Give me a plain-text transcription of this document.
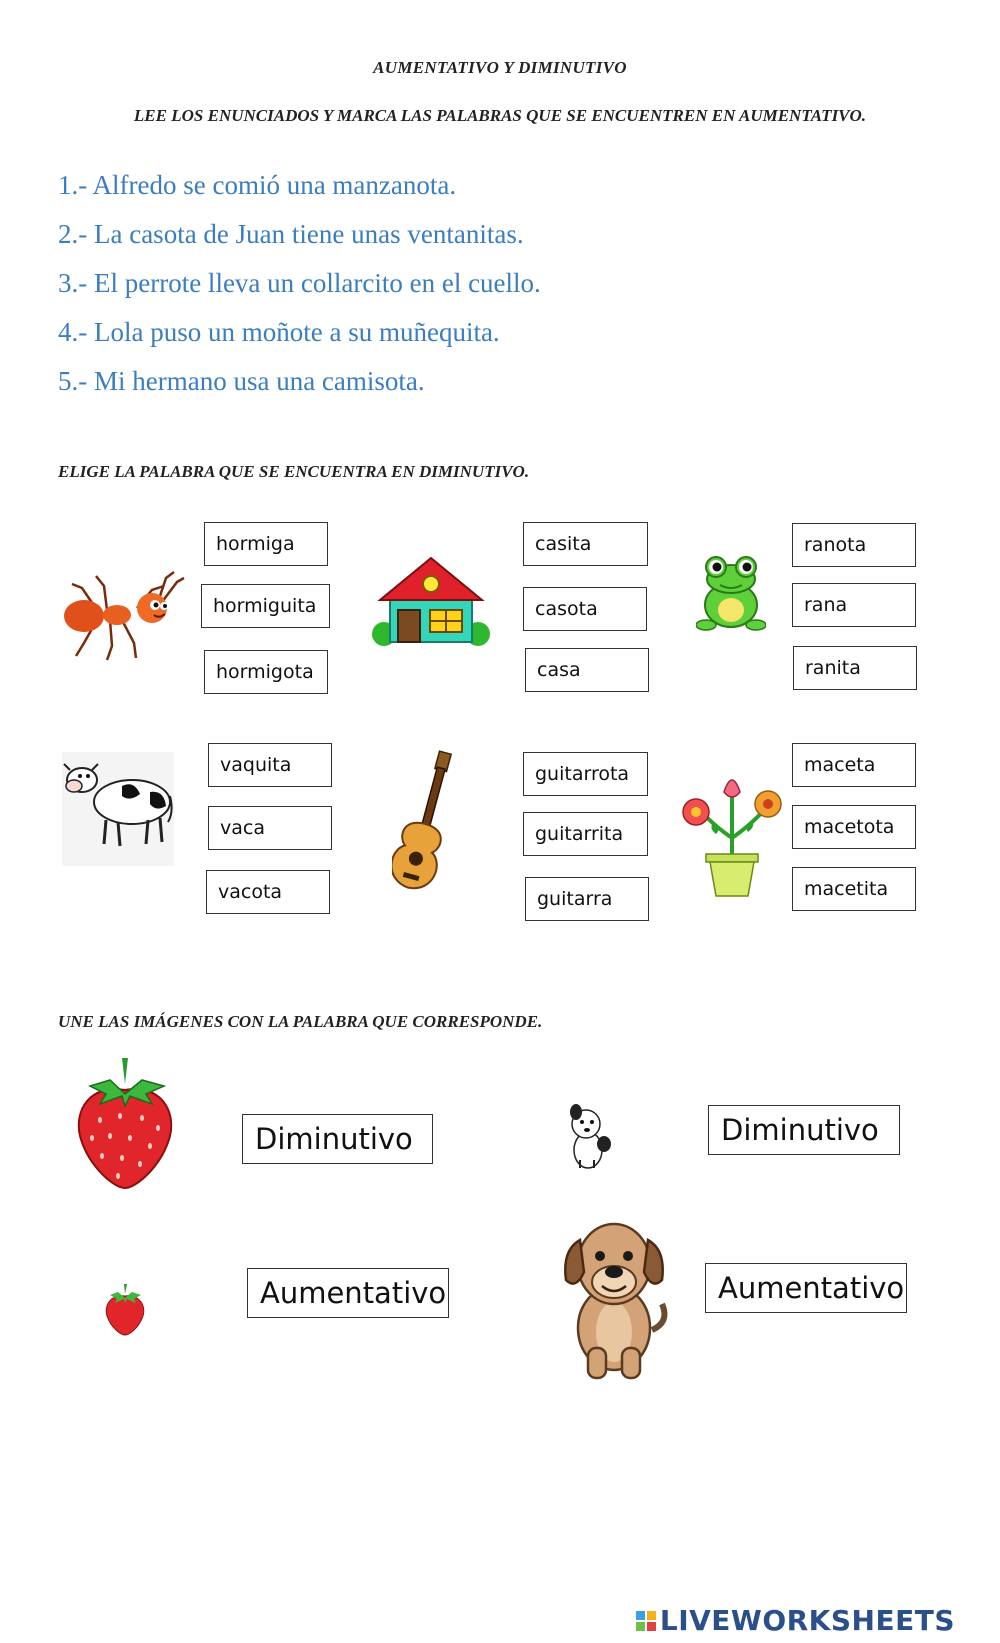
AUMENTATIVO Y DIMINUTIVO
LEE LOS ENUNCIADOS Y MARCA LAS PALABRAS QUE SE ENCUENTREN EN AUMENTATIVO.
1.- Alfredo se comió una manzanota.
2.- La casota de Juan tiene unas ventanitas.
3.- El perrote lleva un collarcito en el cuello.
4.- Lola puso un moñote a su muñequita.
5.- Mi hermano usa una camisota.
ELIGE LA PALABRA QUE SE ENCUENTRA EN DIMINUTIVO.
hormiga
hormiguita
hormigota
casita
casota
casa
ranota
rana
ranita
vaquita
vaca
vacota
guitarrota
guitarrita
guitarra
maceta
macetota
macetita
UNE LAS IMÁGENES CON LA PALABRA QUE CORRESPONDE.
Diminutivo
Aumentativo
Diminutivo
Aumentativo
LIVEWORKSHEETS
